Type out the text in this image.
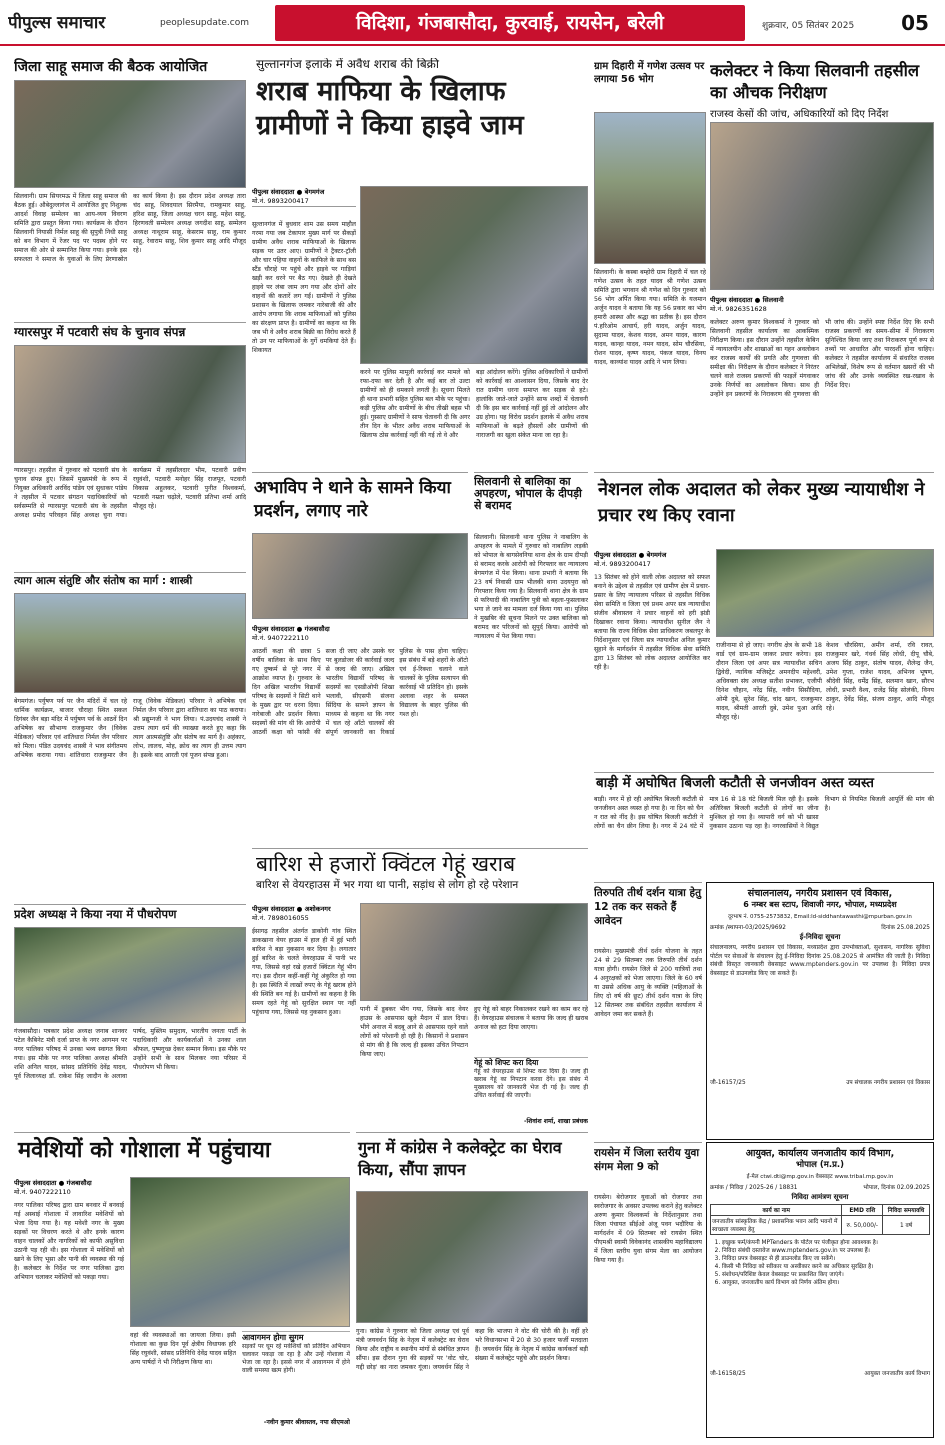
पीपुल्स समाचार	peoplesupdate.com	विदिशा, गंजबासौदा, कुरवाई, रायसेन, बरेली	शुक्रवार, 05 सितंबर 2025	05
जिला साहू समाज की बैठक आयोजित
सिलवानी। ग्राम सियरमऊ में जिला साहू समाज की बैठक हुई। औबेदुल्लागंज में आयोजित हुए निशुल्क आदर्श विवाह सम्मेलन का आय-व्यय विवरण समिति द्वारा प्रस्तुत किया गया। कार्यक्रम के दौरान सिलवानी नियासी निर्मल साहू की सुपुत्री निधी साहू को बन विभाग में रेंजर पद पर पदस्थ होने पर समाज की ओर से सम्मानित किया गया। इनके इस सफलता ने समाज के युवाओं के लिए प्रेरणास्रोत का कार्य किया है। इस दौरान प्रदेश अध्यक्ष तारा चंद साहू, शिवदयाल सिरमैया, रामकुमार साहू, हरिश साहू, जिला अध्यक्ष चरन साहू, महेश साहू, हिरणवती सम्मेलन अध्यक्ष जगदीश साहू, सम्मेलन अध्यक्ष नाथूराम साहू, केसराम साहू, राम कुमार साहू, रेवाराम साहू, शिव कुमार साहू आदि मौजूद रहे।
ग्यारसपुर में पटवारी संघ के चुनाव संपन्न
ग्यारसपुर। तहसील में गुरुवार को पटवारी संघ के चुनाव संपन्न हुए। जिसमें मुख्यमंत्री के रूप में नियुक्त अधिकारी अरविंद पांडेय एवं सुधाकर पांडेय ने तहसील में पटवार संगठन पदाधिकारियों को सर्वसम्मति से ग्यारसपुर पटवारी संघ के तहसील अध्यक्ष प्रमोद परिवहन सिंह अध्यक्ष चुना गया। कार्यक्रम में तहसीलदार भीम, पटवारी प्रवीण रघुवंशी, पटवारी मनोहर सिंह राजपूत, पटवारी विकास अहुलकर, पटवारी पुनीत विश्वकर्मा, पटवारी नम्रता चढ़ोले, पटवारी प्रतिभा शर्मा आदि मौजूद रहे।
त्याग आत्म संतुष्टि और संतोष का मार्ग : शास्त्री
बेगमगंज। पर्युषण पर्व पर जैन मंदिरों में चल रहे धार्मिक कार्यक्रम, बाजार चौराहा स्थित सकल दिगंबर जैन बड़ा मंदिर में पर्युषण पर्व के आठवें दिन अभिषेक का सौभाग्य राजकुमार जैन (विवेक मेडिकल) परिवार एवं शांतिधारा निर्मल जैन परिवार को मिला। पंडित उदयचंद शास्त्री ने भाव संगीतमय अभिषेक कराया गया। शांतिधारा राजकुमार जैन राजू (विवेक मेडिकल) परिवार ने अभिषेक एवं निर्मल जैन परिवार द्वारा शांतिधारा का पाठ कराया। श्री प्रद्युम्नजी ने भाग लिया। पं.उदयचंद शास्त्री ने उत्तम त्याग धर्म की व्याख्या करते हुए कहा कि त्याग आत्मसंतुष्टि और संतोष का मार्ग है। अहंकार, लोभ, लालच, मोह, क्रोध का त्याग ही उत्तम त्याग है। इसके बाद आरती एवं पूजन संपन्न हुआ।
प्रदेश अध्यक्ष ने किया नया में पौधरोपण
गंजबासौदा। पत्रकार प्रदेश अध्यक्ष जनाब शानवर पटेल कैबिनेट मंत्री दर्जा प्राप्त के नगर आगमन पर नगर पालिका परिषद में उनका भव्य स्वागत किया गया। इस मौके पर नगर पालिका अध्यक्ष श्रीमति शशि अनिल यादव, सांसद प्रतिनिधि देवेंद्र यादव, पूर्व जिलाध्यक्ष डॉ. राकेश सिंह जादौन के अलावा पार्षद, मुस्लिम समुदाय, भारतीय जनता पार्टी के पदाधिकारी और कार्यकर्ताओं ने उनका शाल श्रीफल, पुष्पगुच्छ देकर सम्मान किया। इस मौके पर उन्होंने सभी के साथ मिलकर नया परिसर में पौधरोपण भी किया।
सुल्तानगंज इलाके में अवैध शराब की बिक्री
शराब माफिया के खिलाफ ग्रामीणों ने किया हाइवे जाम
पीपुल्स संवाददाता ● बेगमगंज
मो.नं. 9893200417
सुल्तानगंज में बुधवार शाम उस समय माहौल गरमा गया जब टेकापार मुख्य मार्ग पर सैकड़ों ग्रामीण अवैध शराब माफियाओं के खिलाफ सड़क पर उतर आए। ग्रामीणों ने ट्रैक्टर-ट्रॉली और चार पहिया वाहनों के काफिले के साथ बस स्टैंड चौराहे पर पहुंचे और हाइवे पर गाड़ियां खड़ी कर धरने पर बैठ गए। देखते ही देखते हाइवे पर लंबा जाम लग गया और दोनों ओर वाहनों की कतारें लग गईं। ग्रामीणों ने पुलिस प्रशासन के खिलाफ जमकर नारेबाजी की और आरोप लगाया कि शराब माफियाओं को पुलिस का संरक्षण प्राप्त है। ग्रामीणों का कहना था कि जब भी वे अवैध शराब बिक्री का विरोध करते हैं तो उन पर माफियाओं के गुर्गे धमकियां देते हैं। शिकायत
करने पर पुलिस मामूली कार्रवाई कर मामले को रफा-दफा कर देती है और कई बार तो उल्टा ग्रामीणों को ही धमकाने लगती है। सूचना मिलते ही थाना प्रभारी सहित पुलिस बल मौके पर पहुंचा। कड़ी पुलिस और ग्रामीणों के बीच तीखी बहस भी हुई। गुस्साए ग्रामीणों ने साफ चेतावनी दी कि अगर तीन दिन के भीतर अवैध शराब माफियाओं के खिलाफ ठोस कार्रवाई नहीं की गई तो वे और
बड़ा आंदोलन करेंगे। पुलिस अधिकारियों ने ग्रामीणों को कार्रवाई का आश्वासन दिया, जिसके बाद देर रात ग्रामीण धरना समाप्त कर सड़क से हटे। हालांकि जाते-जाते उन्होंने साफ शब्दों में चेतावनी दी कि इस बार कार्रवाई नहीं हुई तो आंदोलन और उग्र होगा। यह विरोध प्रदर्शन इलाके में अवैध शराब माफियाओं के बढ़ते हौसलों और ग्रामीणों की नाराजगी का खुला संकेत माना जा रहा है।
अभाविप ने थाने के सामने किया प्रदर्शन, लगाए नारे
पीपुल्स संवाददाता ● गंजबासौदा
मो.नं. 9407222110
आठवीं कक्षा की छात्रा 5 वर्षीय बालिका के साथ किए गए दुष्कर्म से पूरे नगर में आक्रोश व्याप्त है। गुरुवार के दिन अखिल भारतीय विद्यार्थी परिषद के सदस्यों ने सिटी थाने के मुख्य द्वार पर धरना दिया। नारेबाजी और प्रदर्शन किया। सदस्यों की मांग थी कि आरोपी आठवीं कक्षा को फांसी की सजा दी जाए और उसके घर पर बुलडोजर की कार्रवाई जल्द से जल्द की जाए। अखिल भारतीय विद्यार्थी परिषद के सदस्यों का एसडीओपी शिखा भलावी, सीएसपी संजना सिंदिया के सामने ज्ञापन के माध्यम से कहना था कि नगर में चल रहे आँटो चालकों की संपूर्ण जानकारी का रिकार्ड पुलिस के पास होना चाहिए। इस संबंध में बड़े शहरों के ऑटो एवं ई-रिक्शा चलाने वाले चालकों के पुलिस सत्यापन की कार्रवाई भी प्रतिदिन हो। इसके अलावा शहर के समस्त विद्यालय के बाहर पुलिस की गश्त हो।
सिलवानी से बालिका का अपहरण, भोपाल के दीपड़ी से बरामद
सिलवानी। सिलवानी थाना पुलिस ने नाबालिग के अपहरण के मामले में गुरुवार को नाबालिग लड़की को भोपाल के बागसेवनिया थाना क्षेत्र के ग्राम दीपड़ी से बरामद करके आरोपी को गिरफ्तार कर न्यायालय बेगमगंज में पेश किया। थाना प्रभारी ने बताया कि 23 वर्ष निवासी ग्राम भीलकी थाना उदयपुरा को गिरफ्तार किया गया है। सिलवानी थाना क्षेत्र के ग्राम से फरियादी की नाबालिग पुत्री को बहला-फुसलाकर भगा ले जाने का मामला दर्ज किया गया था। पुलिस ने मुखबिर की सूचना मिलने पर उक्त बालिका को बरामद कर परिजनों को सुपुर्द किया। आरोपी को न्यायालय में पेश किया गया।
ग्राम दिहारी में गणेश उत्सव पर लगाया 56 भोग
सिलवानी। के कस्बा बम्होरी ग्राम दिहारी में चल रहे गणेश उत्सव के तहत यादव श्री गणेश उत्सव समिति द्वारा भगवान श्री गणेश को दिन गुरुवार को 56 भोग अर्पित किया गया। समिति के यजमान अर्जुन यादव ने बताया कि यह 56 प्रकार का भोग हमारी आस्था और श्रद्धा का प्रतीक है। इस दौरान पं.हरिओम आचार्य, हरी यादव, अर्जुन यादव, सुदामा यादव, केशव यादव, अमन यादव, कारण यादव, कान्हा यादव, नमन यादव, सोम चौरसिया, रोशन यादव, कृष्ण यादव, पंकज यादव, विनय यादव, काव्यांश यादव आदि ने भाग लिया।
कलेक्टर ने किया सिलवानी तहसील का औचक निरीक्षण
राजस्व केसों की जांच, अधिकारियों को दिए निर्देश
पीपुल्स संवाददाता ● सिलवानी
मो.नं. 9826351628
कलेक्टर अरुण कुमार विश्वकर्मा ने गुरुवार को सिलवानी तहसील कार्यालय का आकस्मिक निरीक्षण किया। इस दौरान उन्होंने तहसील केबिन में न्यायालयीन और शाखाओं का गहन अवलोकन कर राजस्व कार्यों की प्रगति और गुणवत्ता की समीक्षा की। निरीक्षण के दौरान कलेक्टर ने निरंतर चलने वाले राजस्व प्रकरणों की फाइलें मंगवाकर उनके निर्णयों का अवलोकन किया। साथ ही उन्होंने इन प्रकरणों के निराकरण की गुणवत्ता की भी जांच की। उन्होंने स्पष्ट निर्देश दिए कि सभी राजस्व प्रकरणों का समय-सीमा में निराकरण सुनिश्चित किया जाए तथा निराकरण पूर्ण रूप से तथ्यों पर आधारित और पारदर्शी होना चाहिए। कलेक्टर ने तहसील कार्यालय में संधारित राजस्व अभिलेखों, विशेष रूप से वर्तमान खसरों की भी जांच की और उनके व्यवस्थित रख-रखाव के निर्देश दिए।
नेशनल लोक अदालत को लेकर मुख्य न्यायाधीश ने प्रचार रथ किए रवाना
पीपुल्स संवाददाता ● बेगमगंज
मो.नं. 9893200417
13 सितंबर को होने वाली लोक अदालत को सफल बनाने के उद्देश्य से तहसील एवं ग्रामीण क्षेत्र में प्रचार-प्रसार के लिए न्यायालय परिसर से तहसील विधिक सेवा समिति व जिला एवं प्रथम अपर सत्र न्यायाधीश संजीव श्रीवास्तव ने प्रचार वाहनों को हरी झंडी दिखाकर रवाना किया। न्यायाधीश सुनील जैन ने बताया कि राज्य विधिक सेवा प्राधिकरण जबलपुर के निर्देशानुसार एवं जिला सत्र न्यायाधीश अनिल कुमार सुहाने के मार्गदर्शन में तहसील विधिक सेवा समिति द्वारा 13 सितंबर को लोक अदालत आयोजित कर रही है।
राजीनामा से हो जाए। नगरीय क्षेत्र के सभी 18 वार्ड एवं ग्राम-ग्राम जाकर प्रचार करेगा। इस दौरान जिला एवं अपर सत्र न्यायाधीश सचिन द्विवेदी, न्यायिक मजिस्ट्रेट अमनदीप महेश्वरी, अधिवक्ता संघ अध्यक्ष सतीश प्रभाकर, एजीपी दिनेश चौहान, नरेंद्र सिंह, नवीन सिसौदिया, ओमी दुबे, सुरेश सिंह, चांद खान, राजकुमार यादव, श्रीमती आरती दुबे, उमेश पुआ आदि मौजूद रहे।
केशव चौरसिया, अमीन शर्मा, रवि रावत, राजकुमार खरे, गंधर्व सिंह लोधी, दीपू चौबे, अजय सिंह ठाकुर, संतोष यादव, शैलेन्द्र जैन, उमेश गुप्ता, राजेश यादव, अभिनव भूषण, श्रीदेवी सिंह, धर्मेंद्र सिंह, सलमान खान, सौरभ लोधी, प्रभारी वैश्य, राजेंद्र सिंह सोलंकी, विनय ठाकुर, देवेंद्र सिंह, संजय ठाकुर, आदि मौजूद रहे।
बारिश से हजारों क्विंटल गेहूं खराब
बारिश से वेयरहाउस में भर गया था पानी, सड़ांध से लोग हो रहे परेशान
पीपुल्स संवाददाता ● अशोकनगर
मो.नं. 7898016055
ईसागढ़ तहसील अंतर्गत डाकोनी गांव स्थित डाकखाना वेयर हाउस में हाल ही में हुई भारी बारिश ने बड़ा नुकसान कर दिया है। लगातार हुई बारिश के चलते वेयरहाउस में पानी भर गया, जिससे वहां रखे हजारों क्विंटल गेहूं भीग गए। इस दौरान कहीं-कहीं गेहूं अंकुरित हो गया है। इस स्थिति में लाखों रुपए के गेहूं खराब होने की स्थिति बन गई है। ग्रामीणों का कहना है कि समय रहते गेहूं को सुरक्षित स्थान पर नहीं पहुंचाया गया, जिससे यह नुकसान हुआ।	पानी में डूबकर भीग गया, जिसके बाद वेयर हाउस के आसपास खुले मैदान में डाल दिया। भीगे अनाज में बदबू आने से आसपास रहने वाले लोगों को परेशानी हो रही है। किसानों ने प्रशासन से मांग की है कि जल्द ही इसका उचित निपटान किया जाए।
हुए गेहूं को बाहर निकालकर रखने का काम कर रहे हैं। वेयरहाउस संचालक ने बताया कि जल्द ही खराब अनाज को हटा दिया जाएगा।
गेहूं को शिफ्ट करा दिया
गेहूं को वेयरहाउस से शिफ्ट करा दिया है। जल्द ही खराब गेहूं का निपटान करवा देंगे। इस संबंध में मुख्यालय को जानकारी भेज दी गई है। जल्द ही उचित कार्रवाई की जाएगी।
-शिवांश शर्मा, शाखा प्रबंधक
बाड़ी में अघोषित बिजली कटौती से जनजीवन अस्त व्यस्त
बाड़ी। नगर में हो रही अघोषित बिजली कटौती से जनजीवन अस्त व्यस्त हो गया है। ना दिन को चैन न रात को नींद है। इस घोषित बिजली कटौती ने लोगों का चैन छीन लिया है। नगर में 24 घंटे में मात्र 16 से 18 घंटे बिजली मिल रही है। इसके अतिरिक्त बिजली कटौती से लोगों का जीना मुश्किल हो गया है। व्यापारी वर्ग को भी खासा नुकसान उठाना पड़ रहा है। नगरवासियों ने विद्युत विभाग से नियमित बिजली आपूर्ति की मांग की है।
तिरुपति तीर्थ दर्शन यात्रा हेतु 12 तक कर सकते हैं आवेदन
रायसेन। मुख्यमंत्री तीर्थ दर्शन योजना के तहत 24 से 29 सितम्बर तक तिरुपति तीर्थ दर्शन यात्रा होगी। रायसेन जिले से 200 यात्रियों तथा 4 अनुरक्षकों को भेजा जाएगा। जिले के 60 वर्ष या उससे अधिक आयु के व्यक्ति (महिलाओं के लिए दो वर्ष की छूट) तीर्थ दर्शन यात्रा के लिए 12 सितम्बर तक संबंधित तहसील कार्यालय में आवेदन जमा कर सकते हैं।
रायसेन में जिला स्तरीय युवा संगम मेला 9 को
रायसेन। बेरोजगार युवाओं को रोजगार तथा स्वरोजगार के अवसर उपलब्ध कराने हेतु कलेक्टर अरुण कुमार विश्वकर्मा के निर्देशानुसार तथा जिला पंचायत सीईओ अंजू पवन भदौरिया के मार्गदर्शन में 09 सितम्बर को रायसेन स्थित पीएमश्री स्वामी विवेकानंद शासकीय महाविद्यालय में जिला स्तरीय युवा संगम मेला का आयोजन किया गया है।
संचालनालय, नगरीय प्रशासन एवं विकास,
6 नम्बर बस स्टाप, शिवाजी नगर, भोपाल, मध्यप्रदेश
दूरभाष नं. 0755-2573832, Email:ld-siddhantawasthi@mpurban.gov.in
क्रमांक /स्थापना-03/2025/9692	दिनांक 25.08.2025
ई-निविदा सूचना
संचालनालय, नगरीय प्रशासन एवं विकास, मध्यप्रदेश द्वारा उपभोक्ताओं, सुशासन, नागरिक सुविधा पोर्टल पर सेवाओं के संचालन हेतु ई-निविदा दिनांक 25.08.2025 से आमंत्रित की जाती है। निविदा संबंधी विस्तृत जानकारी वेबसाइट www.mptenders.gov.in पर उपलब्ध है। निविदा प्रपत्र वेबसाइट से डाउनलोड किए जा सकते हैं।
जी-16157/25	उप संचालक नगरीय प्रशासन एवं विकास
आयुक्त, कार्यालय जनजातीय कार्य विभाग,
भोपाल (म.प्र.)
ई-मेल ctwi.dti@mp.gov.in वेबसाइट www.tribal.mp.gov.in
क्रमांक / निविदा / 2025-26 / 18831	भोपाल, दिनांक 02.09.2025
निविदा आमंत्रण सूचना
कार्य का नाम	EMD राशि	निविदा समयावधि
जनजातीय सांस्कृतिक केंद्र / प्रशासनिक भवन आदि भवनों में स्वच्छता व्यवस्था हेतु	रु. 50,000/-	1 वर्ष
1. इच्छुक फर्म/कंपनी MPTenders के पोर्टल पर पंजीकृत होना आवश्यक है।
2. निविदा संबंधी दस्तावेज www.mptenders.gov.in पर उपलब्ध हैं।
3. निविदा प्रपत्र वेबसाइट से ही डाउनलोड किए जा सकेंगे।
4. किसी भी निविदा को स्वीकार या अस्वीकार करने का अधिकार सुरक्षित है।
5. संशोधन/परिशिष्ट केवल वेबसाइट पर प्रकाशित किए जाएंगे।
6. आयुक्त, जनजातीय कार्य विभाग को निर्णय अंतिम होगा।
जी-16158/25	आयुक्त जनजातीय कार्य विभाग
मवेशियों को गोशाला में पहुंचाया
पीपुल्स संवाददाता ● गंजबासौदा
मो.नं. 9407222110
नगर पालिका परिषद द्वारा ग्राम बनवार में बनवाई गई अस्थाई गोशाला में लावारिश मवेशियों को भेजा दिया गया है। यह मवेशी नगर के मुख्य सड़कों पर विचरण करते थे और इनके कारण वाहन चालकों और नागरिकों को काफी असुविधा उठानी पड़ रही थी। इस गोशाला में मवेशियों को खाने के लिए भूसा और पानी की व्यवस्था की गई है। कलेक्टर के निर्देश पर नगर पालिका द्वारा अभियान चलाकर मवेशियों को पकड़ा गया।
वहां की व्यवस्थाओं का जायजा लिया। इसी गोशाला का कुछ दिन पूर्व क्षेत्रीय विधायक हरि सिंह रघुवंशी, सांसद प्रतिनिधि देवेंद्र यादव सहित अन्य पार्षदों ने भी निरीक्षण किया था।
आवागमन होगा सुगम
सड़कों पर घूम रहे मवेशियों को प्रतिदिन अभियान चलाकर पकड़ा जा रहा है और उन्हें गोशाला में भेजा जा रहा है। इससे नगर में आवागमन में होने वाली समस्या खत्म होगी।
-नवीन कुमार श्रीवास्तव, नपा सीएमओ
गुना में कांग्रेस ने कलेक्ट्रेट का घेराव किया, सौंपा ज्ञापन
गुना। कांग्रेस ने गुरुवार को जिला अध्यक्ष एवं पूर्व मंत्री जयवर्धन सिंह के नेतृत्व में कलेक्ट्रेट का घेराव किया और राष्ट्रीय व स्थानीय मांगों से संबंधित ज्ञापन सौंपा। इस दौरान गुना की सड़कों पर 'वोट चोर, गद्दी छोड़' का नारा जमकर गूंजा। जयवर्धन सिंह ने कहा कि भाजपा ने वोट की चोरी की है। वहीं हरे भरे विधानसभा में 20 से 30 हजार फर्जी मतदाता हैं। जयवर्धन सिंह के नेतृत्व में कांग्रेस कार्यकर्ता बड़ी संख्या में कलेक्ट्रेट पहुंचे और प्रदर्शन किया।
